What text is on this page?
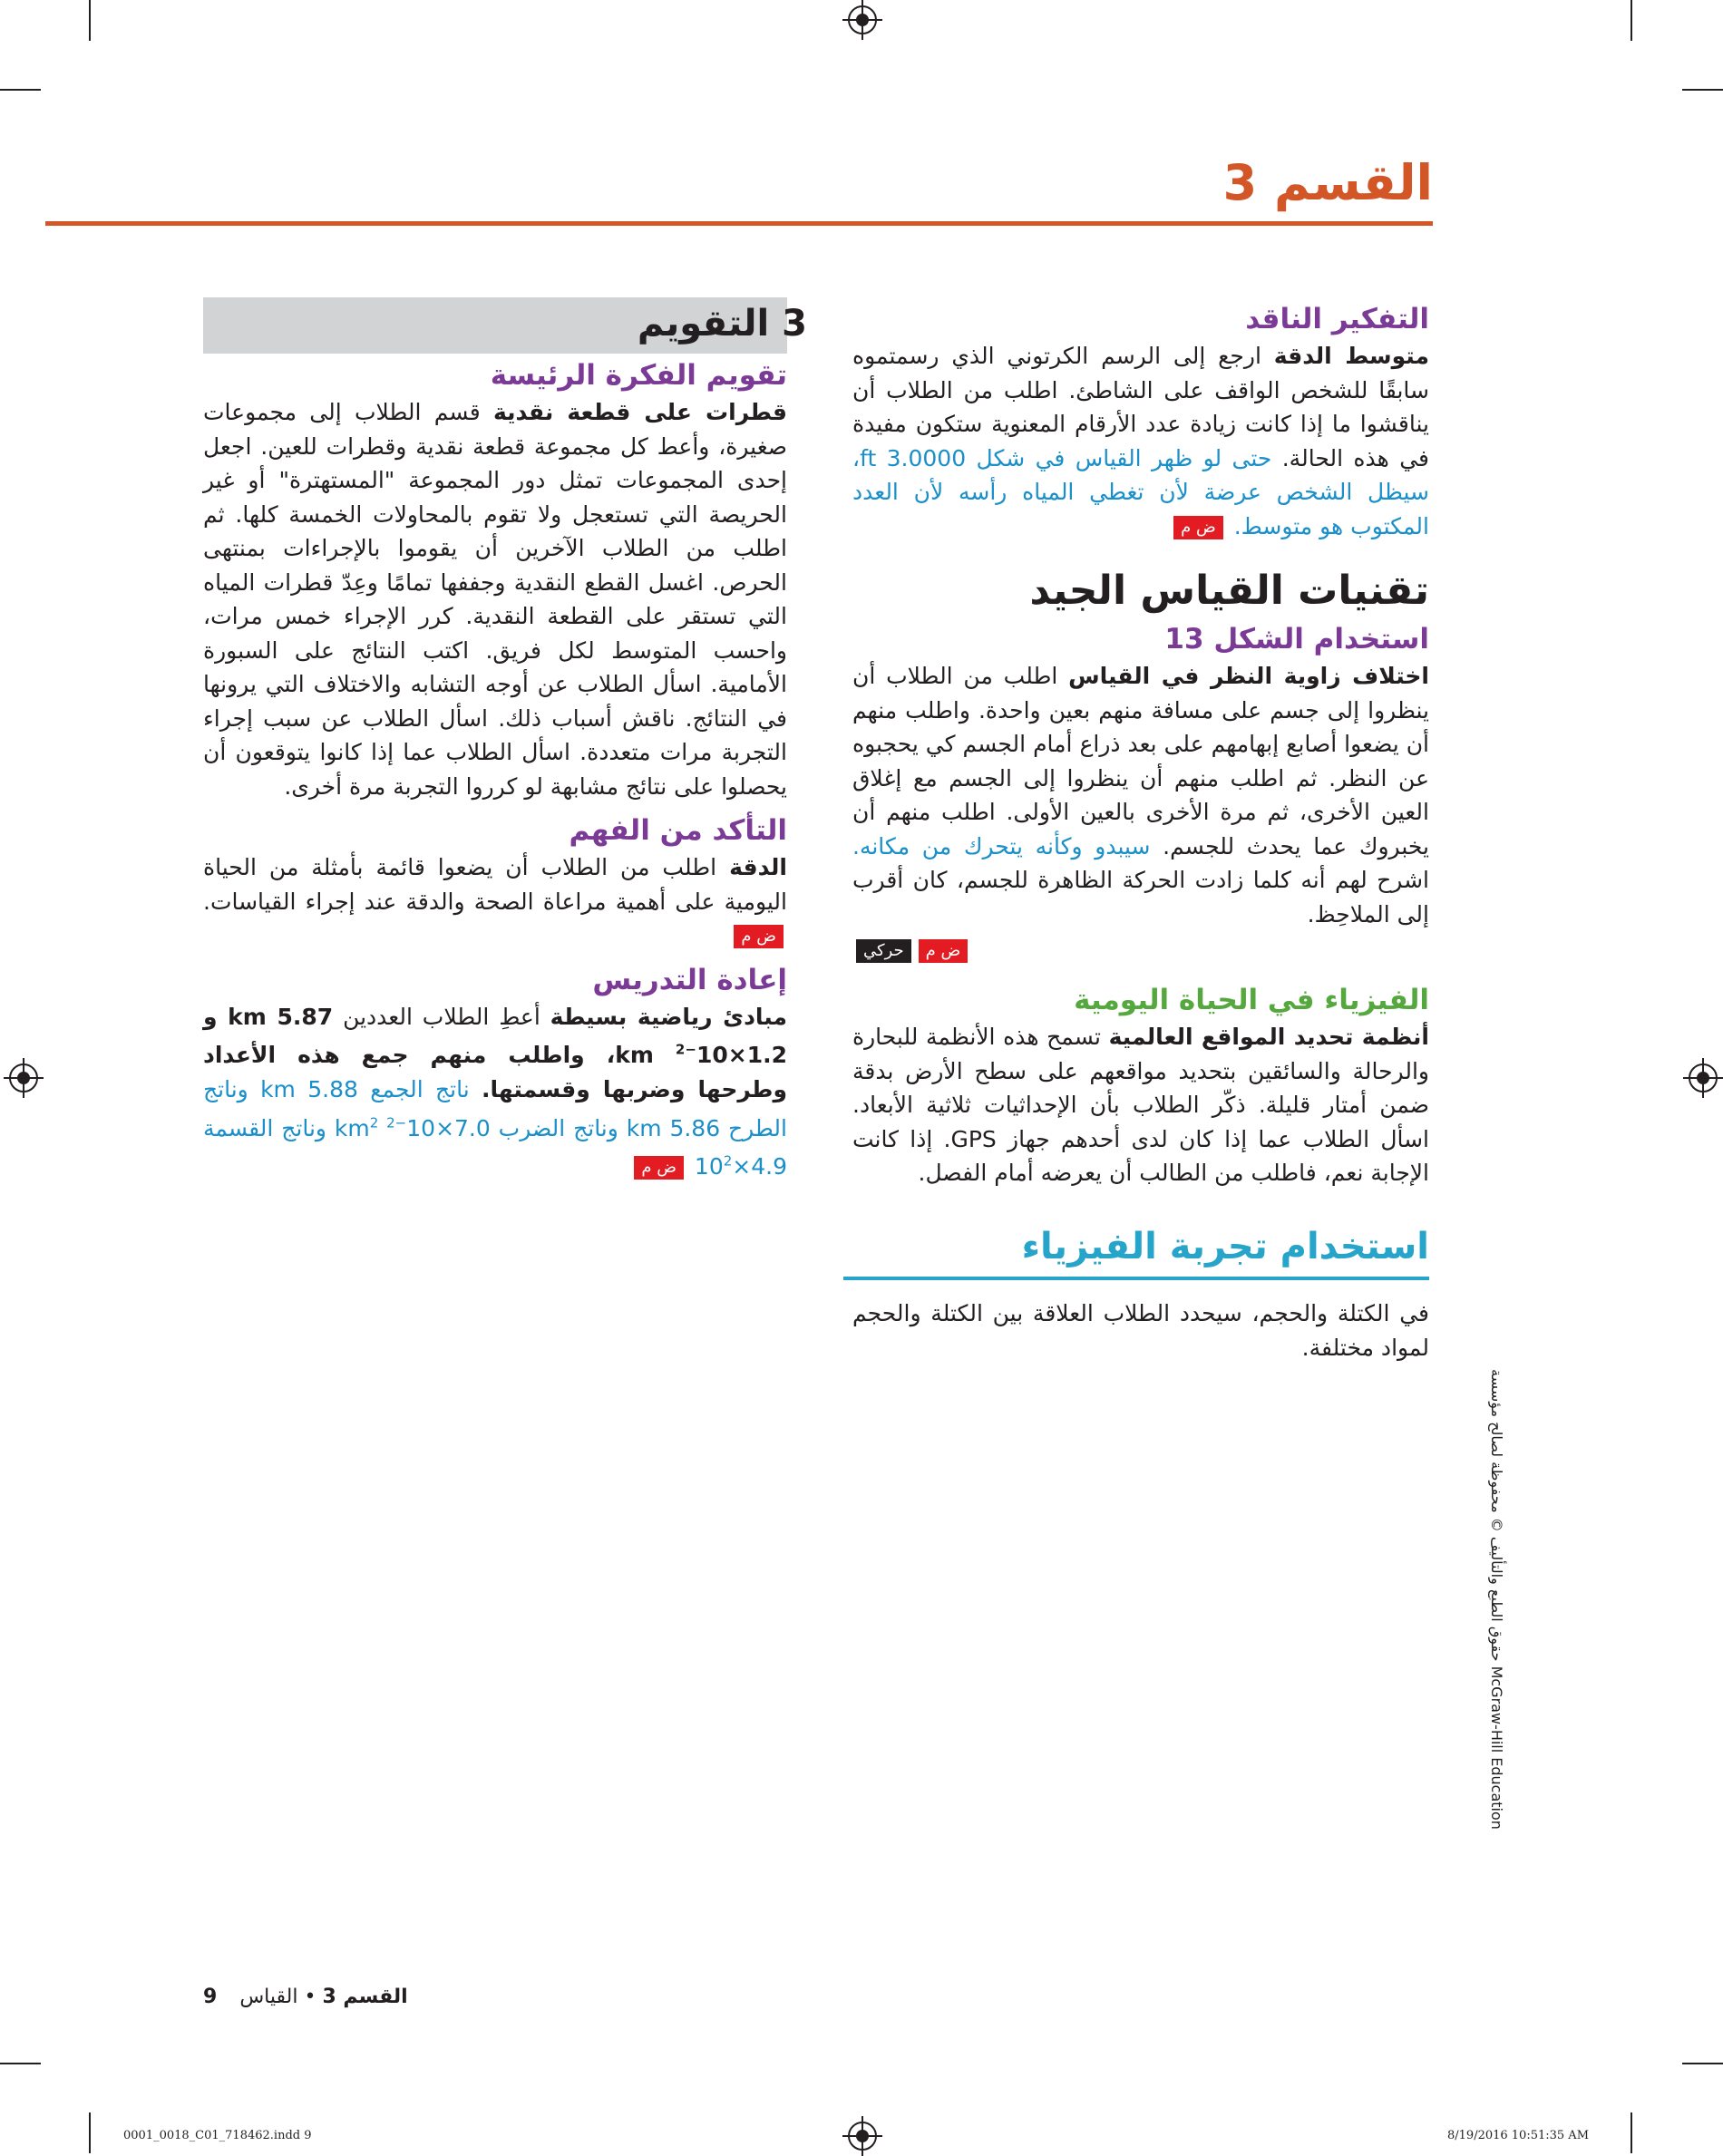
القسم 3
التفكير الناقد

متوسط الدقة ارجع إلى الرسم الكرتوني الذي رسمتموه سابقًا للشخص الواقف على الشاطئ. اطلب من الطلاب أن يناقشوا ما إذا كانت زيادة عدد الأرقام المعنوية ستكون مفيدة في هذه الحالة. حتى لو ظهر القياس في شكل 3.0000 ft، سيظل الشخص عرضة لأن تغطي المياه رأسه لأن العدد المكتوب هو متوسط. ض م

تقنيات القياس الجيد
استخدام الشكل 13

اختلاف زاوية النظر في القياس اطلب من الطلاب أن ينظروا إلى جسم على مسافة منهم بعين واحدة. واطلب منهم أن يضعوا أصابع إبهامهم على بعد ذراع أمام الجسم كي يحجبوه عن النظر. ثم اطلب منهم أن ينظروا إلى الجسم مع إغلاق العين الأخرى، ثم مرة الأخرى بالعين الأولى. اطلب منهم أن يخبروك عما يحدث للجسم. سيبدو وكأنه يتحرك من مكانه. اشرح لهم أنه كلما زادت الحركة الظاهرة للجسم، كان أقرب إلى الملاحِظ.

ض محركي
الفيزياء في الحياة اليومية

أنظمة تحديد المواقع العالمية تسمح هذه الأنظمة للبحارة والرحالة والسائقين بتحديد مواقعهم على سطح الأرض بدقة ضمن أمتار قليلة. ذكّر الطلاب بأن الإحداثيات ثلاثية الأبعاد. اسأل الطلاب عما إذا كان لدى أحدهم جهاز GPS. إذا كانت الإجابة نعم، فاطلب من الطالب أن يعرضه أمام الفصل.

3 التقويم
تقويم الفكرة الرئيسة

قطرات على قطعة نقدية قسم الطلاب إلى مجموعات صغيرة، وأعط كل مجموعة قطعة نقدية وقطرات للعين. اجعل إحدى المجموعات تمثل دور المجموعة "المستهترة" أو غير الحريصة التي تستعجل ولا تقوم بالمحاولات الخمسة كلها. ثم اطلب من الطلاب الآخرين أن يقوموا بالإجراءات بمنتهى الحرص. اغسل القطع النقدية وجففها تمامًا وعِدّ قطرات المياه التي تستقر على القطعة النقدية. كرر الإجراء خمس مرات، واحسب المتوسط لكل فريق. اكتب النتائج على السبورة الأمامية. اسأل الطلاب عن أوجه التشابه والاختلاف التي يرونها في النتائج. ناقش أسباب ذلك. اسأل الطلاب عن سبب إجراء التجربة مرات متعددة. اسأل الطلاب عما إذا كانوا يتوقعون أن يحصلوا على نتائج مشابهة لو كرروا التجربة مرة أخرى.

التأكد من الفهم

الدقة اطلب من الطلاب أن يضعوا قائمة بأمثلة من الحياة اليومية على أهمية مراعاة الصحة والدقة عند إجراء القياسات. ض م

إعادة التدريس

مبادئ رياضية بسيطة أعطِ الطلاب العددين 5.87 km و $1.2\times 10^{-2}$ km، واطلب منهم جمع هذه الأعداد وطرحها وضربها وقسمتها. ناتج الجمع 5.88 km وناتج الطرح 5.86 km وناتج الضرب $7.0\times 10^{-2}$ $km^2$ وناتج القسمة $4.9\times 10^2$ ض م

استخدام تجربة الفيزياء
في الكتلة والحجم، سيحدد الطلاب العلاقة بين الكتلة والحجم لمواد مختلفة.
حقوق الطبع والتأليف © محفوظة لصالح مؤسسة McGraw-Hill Education
القسم 3 • القياس 9
0001_0018_C01_718462.indd 9	8/19/2016 10:51:35 AM
